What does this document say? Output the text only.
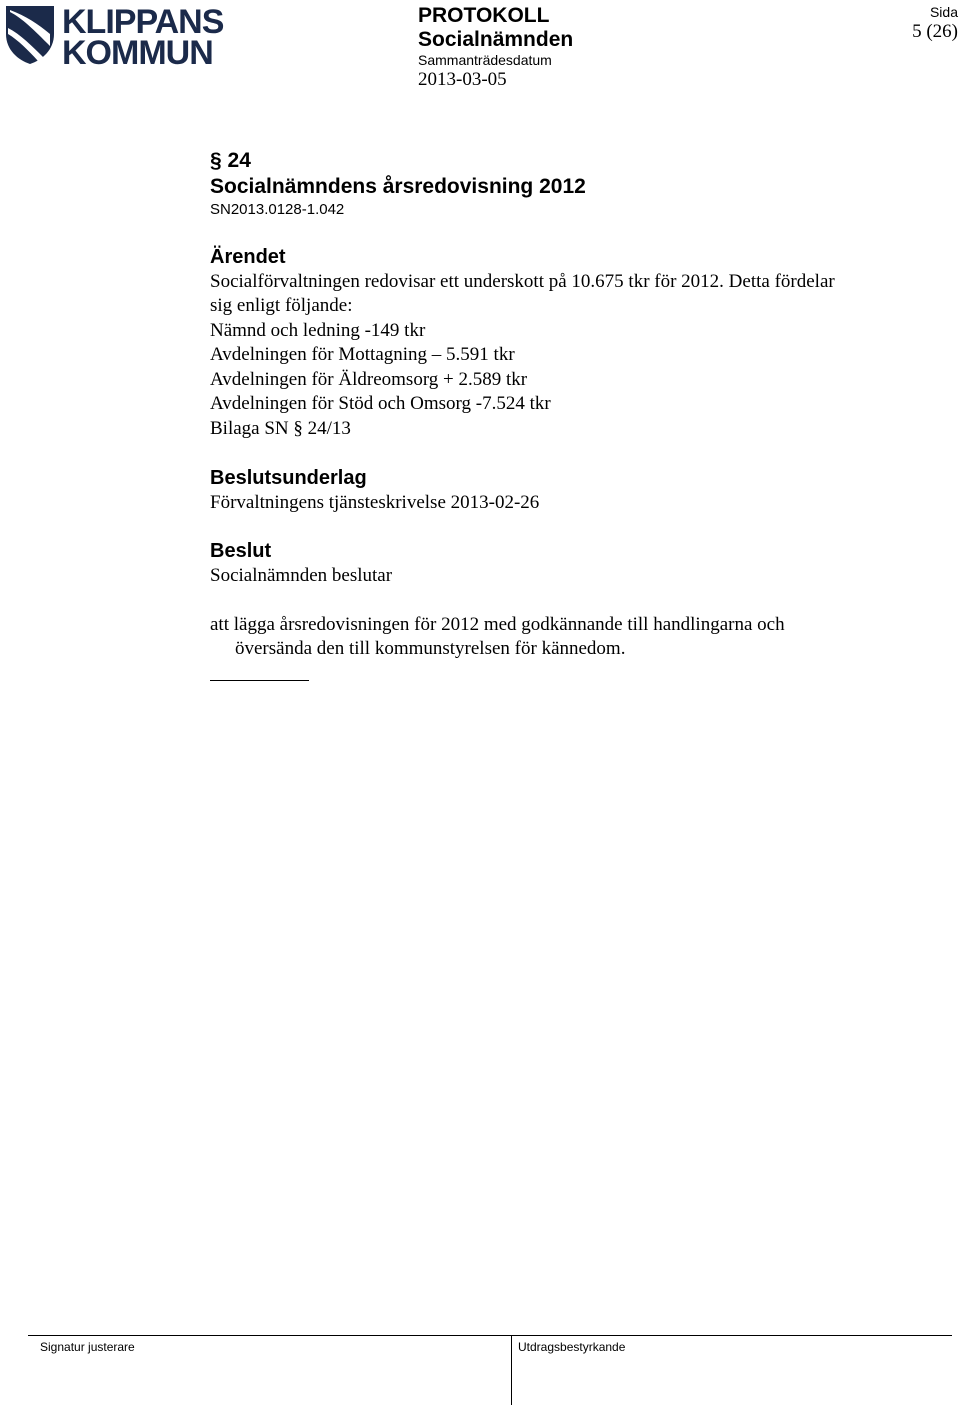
KLIPPANS
KOMMUN
PROTOKOLL
Socialnämnden
Sammanträdesdatum
2013-03-05
Sida
5 (26)
§ 24
Socialnämndens årsredovisning 2012
SN2013.0128-1.042
Ärendet
Socialförvaltningen redovisar ett underskott på 10.675 tkr för 2012. Detta fördelar
sig enligt följande:
Nämnd och ledning -149 tkr
Avdelningen för Mottagning – 5.591 tkr
Avdelningen för Äldreomsorg + 2.589 tkr
Avdelningen för Stöd och Omsorg -7.524 tkr
Bilaga SN § 24/13
Beslutsunderlag
Förvaltningens tjänsteskrivelse 2013-02-26
Beslut
Socialnämnden beslutar
att lägga årsredovisningen för 2012 med godkännande till handlingarna och
översända den till kommunstyrelsen för kännedom.
Signatur justerare	Utdragsbestyrkande
